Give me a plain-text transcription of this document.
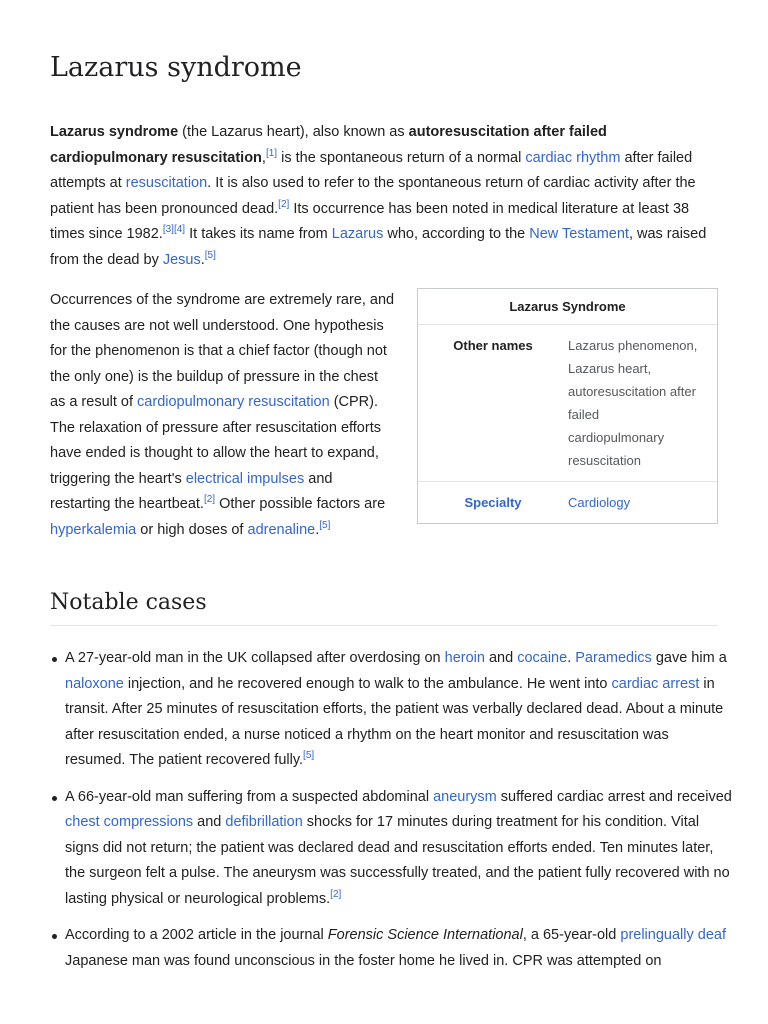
Lazarus syndrome

Lazarus syndrome (the Lazarus heart), also known as autoresuscitation after failed cardiopulmonary resuscitation,[1] is the spontaneous return of a normal cardiac rhythm after failed attempts at resuscitation. It is also used to refer to the spontaneous return of cardiac activity after the patient has been pronounced dead.[2] Its occurrence has been noted in medical literature at least 38 times since 1982.[3][4] It takes its name from Lazarus who, according to the New Testament, was raised from the dead by Jesus.[5]

Occurrences of the syndrome are extremely rare, and the causes are not well understood. One hypothesis for the phenomenon is that a chief factor (though not the only one) is the buildup of pressure in the chest as a result of cardiopulmonary resuscitation (CPR). The relaxation of pressure after resuscitation efforts have ended is thought to allow the heart to expand, triggering the heart's electrical impulses and restarting the heartbeat.[2] Other possible factors are hyperkalemia or high doses of adrenaline.[5]

Lazarus Syndrome
Other names	Lazarus phenomenon, Lazarus heart, autoresuscitation after failed cardiopulmonary resuscitation
Specialty	Cardiology
Notable cases
A 27-year-old man in the UK collapsed after overdosing on heroin and cocaine. Paramedics gave him a naloxone injection, and he recovered enough to walk to the ambulance. He went into cardiac arrest in transit. After 25 minutes of resuscitation efforts, the patient was verbally declared dead. About a minute after resuscitation ended, a nurse noticed a rhythm on the heart monitor and resuscitation was resumed. The patient recovered fully.[5]
A 66-year-old man suffering from a suspected abdominal aneurysm suffered cardiac arrest and received chest compressions and defibrillation shocks for 17 minutes during treatment for his condition. Vital signs did not return; the patient was declared dead and resuscitation efforts ended. Ten minutes later, the surgeon felt a pulse. The aneurysm was successfully treated, and the patient fully recovered with no lasting physical or neurological problems.[2]
According to a 2002 article in the journal Forensic Science International, a 65-year-old prelingually deaf Japanese man was found unconscious in the foster home he lived in. CPR was attempted on
